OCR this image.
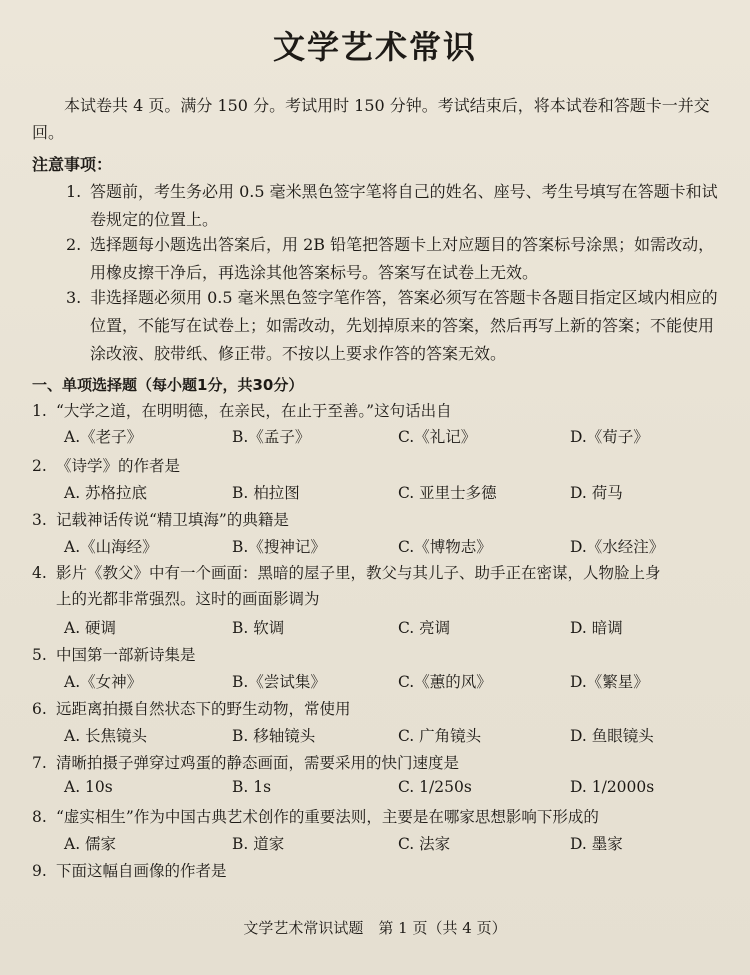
文学艺术常识
本试卷共 4 页。满分 150 分。考试用时 150 分钟。考试结束后，将本试卷和答题卡一并交回。
注意事项：
1. 答题前，考生务必用 0.5 毫米黑色签字笔将自己的姓名、座号、考生号填写在答题卡和试卷规定的位置上。
2. 选择题每小题选出答案后，用 2B 铅笔把答题卡上对应题目的答案标号涂黑；如需改动，用橡皮擦干净后，再选涂其他答案标号。答案写在试卷上无效。
3. 非选择题必须用 0.5 毫米黑色签字笔作答，答案必须写在答题卡各题目指定区域内相应的位置，不能写在试卷上；如需改动，先划掉原来的答案，然后再写上新的答案；不能使用涂改液、胶带纸、修正带。不按以上要求作答的答案无效。
一、单项选择题（每小题1分，共30分）
1. “大学之道，在明明德，在亲民，在止于至善。”这句话出自
A.《老子》	B.《孟子》	C.《礼记》	D.《荀子》
2. 《诗学》的作者是
A. 苏格拉底	B. 柏拉图	C. 亚里士多德	D. 荷马
3. 记载神话传说“精卫填海”的典籍是
A.《山海经》	B.《搜神记》	C.《博物志》	D.《水经注》
4. 影片《教父》中有一个画面：黑暗的屋子里，教父与其儿子、助手正在密谋，人物脸上身
上的光都非常强烈。这时的画面影调为
A. 硬调	B. 软调	C. 亮调	D. 暗调
5. 中国第一部新诗集是
A.《女神》	B.《尝试集》	C.《蕙的风》	D.《繁星》
6. 远距离拍摄自然状态下的野生动物，常使用
A. 长焦镜头	B. 移轴镜头	C. 广角镜头	D. 鱼眼镜头
7. 清晰拍摄子弹穿过鸡蛋的静态画面，需要采用的快门速度是
A. 10s	B. 1s	C. 1/250s	D. 1/2000s
8. “虚实相生”作为中国古典艺术创作的重要法则，主要是在哪家思想影响下形成的
A. 儒家	B. 道家	C. 法家	D. 墨家
9. 下面这幅自画像的作者是
文学艺术常识试题　第 1 页（共 4 页）
